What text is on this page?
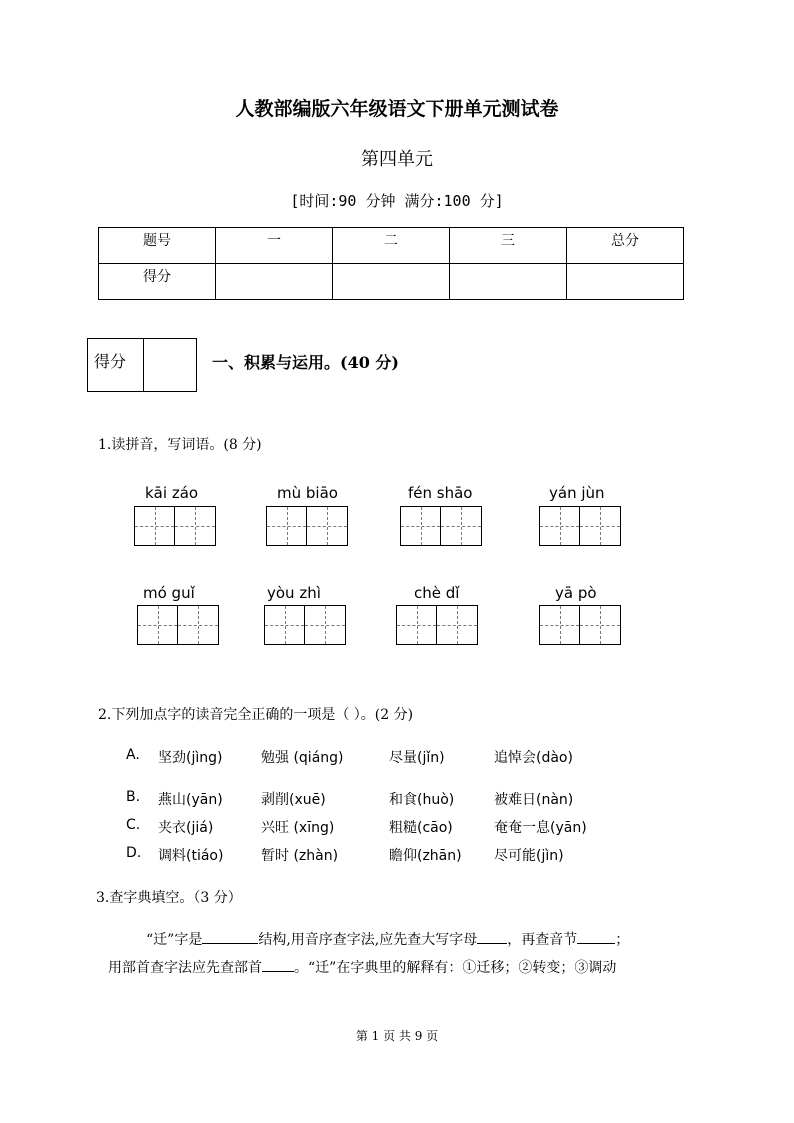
人教部编版六年级语文下册单元测试卷
第四单元
[时间:90 分钟 满分:100 分]
题号	一	二	三	总分
得分				
得分	一、积累与运用。(40 分)
1.读拼音，写词语。(8 分)
kāi záo	mù biāo	fén shāo	yán jùn
mó guǐ	yòu zhì	chè dǐ	yā pò
2.下列加点字的读音完全正确的一项是（ ）。(2 分)
A. 坚劲(jìng)	勉强 (qiáng)	尽量(jǐn)	追悼会(dào)
B. 燕山(yān)	剥削(xuē)	和食(huò)	被难日(nàn)
C. 夹衣(jiá)	兴旺 (xīng)	粗糙(cāo)	奄奄一息(yān)
D. 调料(tiáo)	暂时 (zhàn)	瞻仰(zhān) 尽可能(jìn)
3.查字典填空。（3 分）
“迁”字是	结构,用音序查字法,应先查大写字母 ，再查音节	；
用部首查字法应先查部首 。“迁”在字典里的解释有：①迁移；②转变；③调动
第 1 页 共 9 页
